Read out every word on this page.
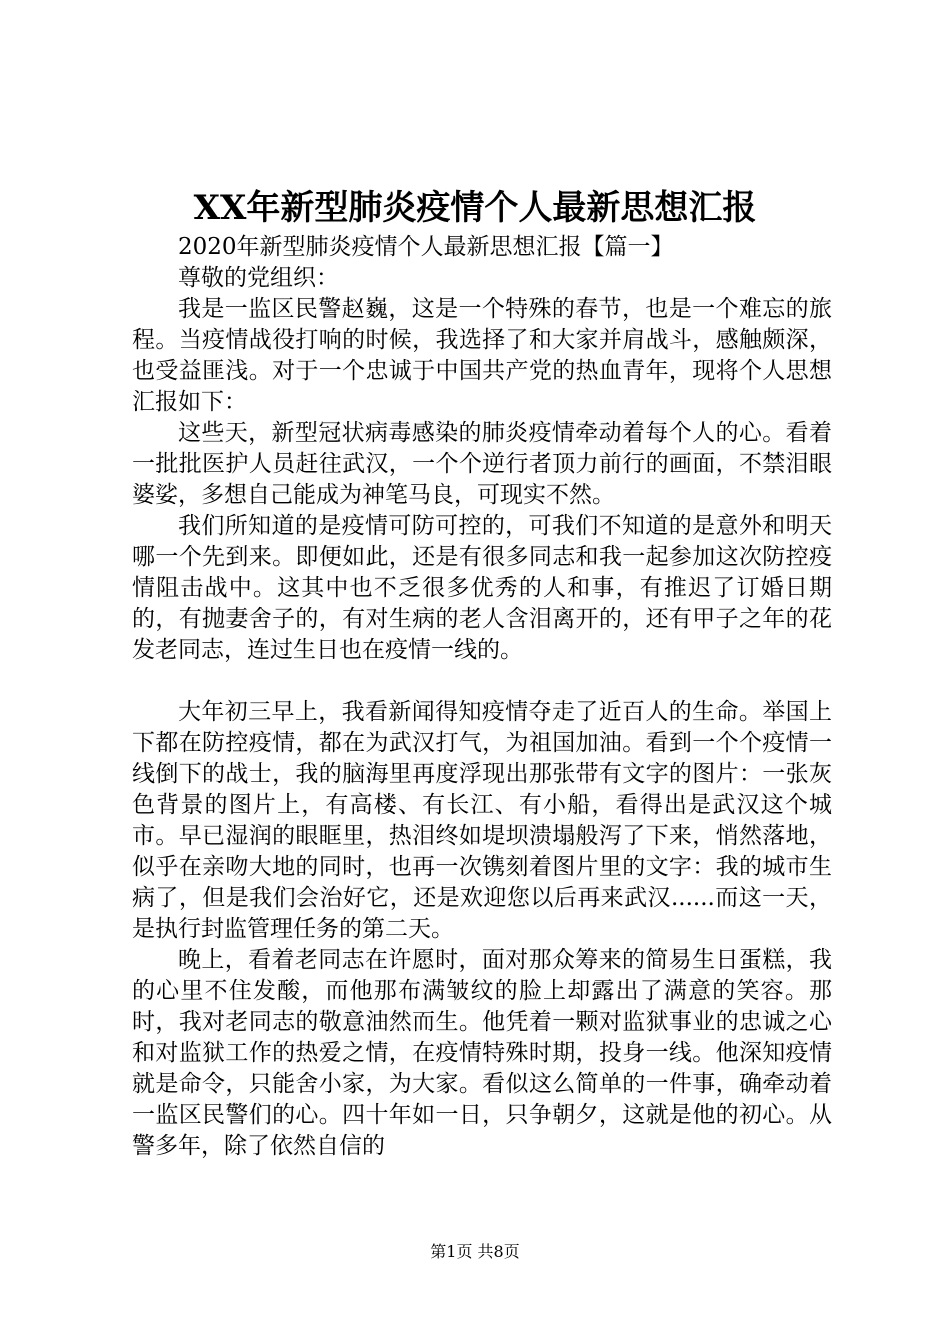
XX年新型肺炎疫情个人最新思想汇报

2020年新型肺炎疫情个人最新思想汇报【篇一】

尊敬的党组织：

我是一监区民警赵巍，这是一个特殊的春节，也是一个难忘的旅程。当疫情战役打响的时候，我选择了和大家并肩战斗，感触颇深，也受益匪浅。对于一个忠诚于中国共产党的热血青年，现将个人思想汇报如下：

这些天，新型冠状病毒感染的肺炎疫情牵动着每个人的心。看着一批批医护人员赶往武汉，一个个逆行者顶力前行的画面，不禁泪眼婆娑，多想自己能成为神笔马良，可现实不然。

我们所知道的是疫情可防可控的，可我们不知道的是意外和明天哪一个先到来。即便如此，还是有很多同志和我一起参加这次防控疫情阻击战中。这其中也不乏很多优秀的人和事，有推迟了订婚日期的，有抛妻舍子的，有对生病的老人含泪离开的，还有甲子之年的花发老同志，连过生日也在疫情一线的。

大年初三早上，我看新闻得知疫情夺走了近百人的生命。举国上下都在防控疫情，都在为武汉打气，为祖国加油。看到一个个疫情一线倒下的战士，我的脑海里再度浮现出那张带有文字的图片：一张灰色背景的图片上，有高楼、有长江、有小船，看得出是武汉这个城市。早已湿润的眼眶里，热泪终如堤坝溃塌般泻了下来，悄然落地，似乎在亲吻大地的同时，也再一次镌刻着图片里的文字：我的城市生病了，但是我们会治好它，还是欢迎您以后再来武汉......而这一天，是执行封监管理任务的第二天。

晚上，看着老同志在许愿时，面对那众筹来的简易生日蛋糕，我的心里不住发酸，而他那布满皱纹的脸上却露出了满意的笑容。那时，我对老同志的敬意油然而生。他凭着一颗对监狱事业的忠诚之心和对监狱工作的热爱之情，在疫情特殊时期，投身一线。他深知疫情就是命令，只能舍小家，为大家。看似这么简单的一件事，确牵动着一监区民警们的心。四十年如一日，只争朝夕，这就是他的初心。从警多年，除了依然自信的

第1页 共8页
